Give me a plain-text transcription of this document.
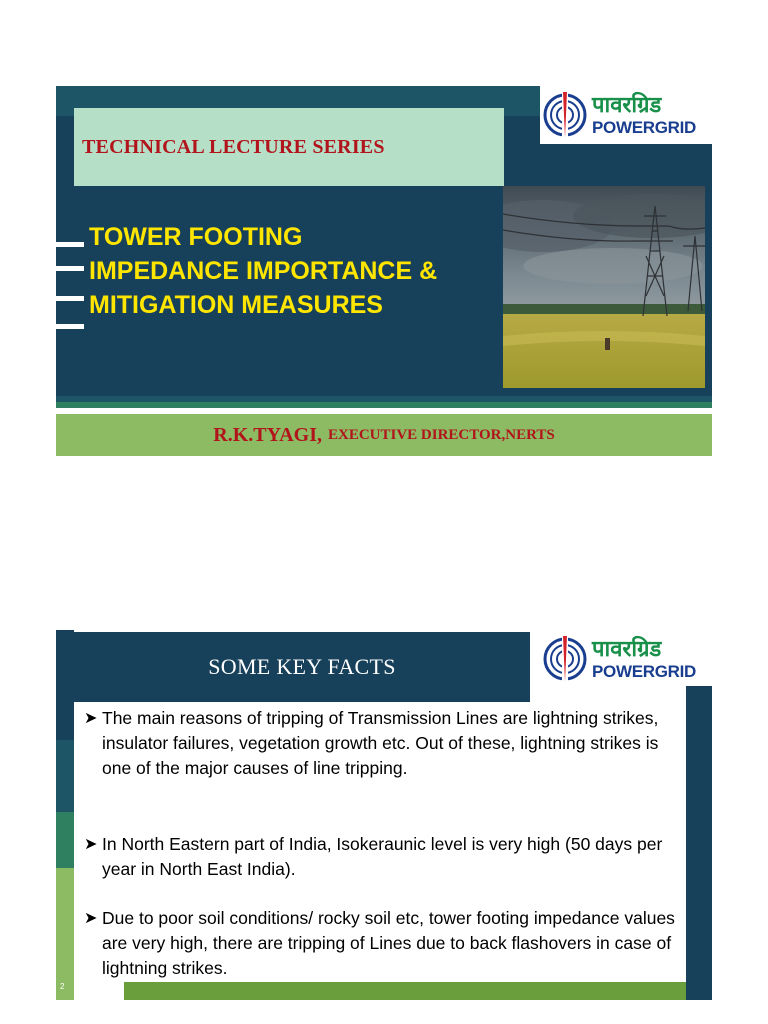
TECHNICAL LECTURE SERIES
पावरग्रिड
POWERGRID
TOWER FOOTING
IMPEDANCE IMPORTANCE &
MITIGATION MEASURES
R.K.TYAGI, EXECUTIVE DIRECTOR,NERTS
SOME KEY FACTS
पावरग्रिड
POWERGRID
➤ The main reasons of tripping of Transmission Lines are lightning strikes, insulator failures, vegetation growth etc. Out of these, lightning strikes is one of the major causes of line tripping.
➤ In North Eastern part of India, Isokeraunic level is very high (50 days per year in North East India).
➤ Due to poor soil conditions/ rocky soil etc, tower footing impedance values are very high, there are tripping of Lines due to back flashovers in case of lightning strikes.
2
